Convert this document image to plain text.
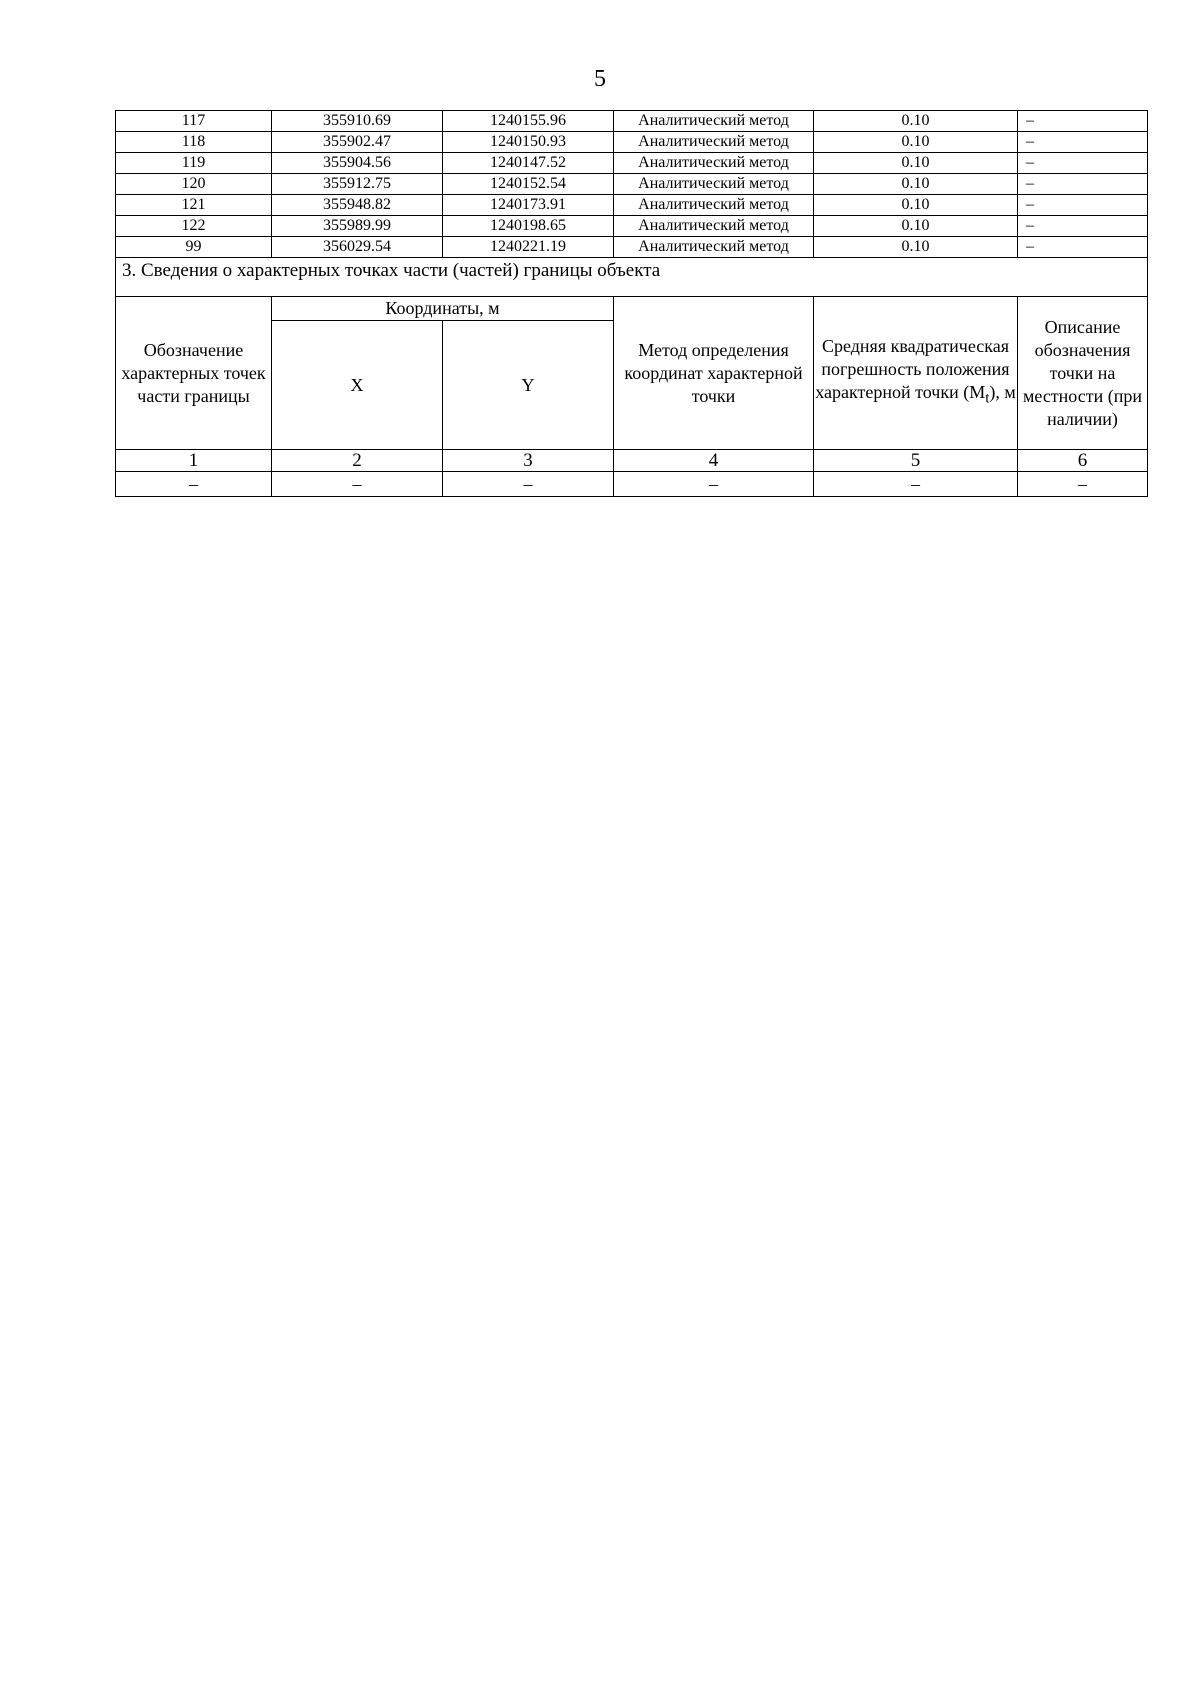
5
117	355910.69	1240155.96	Аналитический метод	0.10	–
118	355902.47	1240150.93	Аналитический метод	0.10	–
119	355904.56	1240147.52	Аналитический метод	0.10	–
120	355912.75	1240152.54	Аналитический метод	0.10	–
121	355948.82	1240173.91	Аналитический метод	0.10	–
122	355989.99	1240198.65	Аналитический метод	0.10	–
99	356029.54	1240221.19	Аналитический метод	0.10	–
3. Сведения о характерных точках части (частей) границы объекта					
Обозначение характерных точек части границы	Координаты, м		Метод определения координат характерной точки	Средняя квадратическая погрешность положения характерной точки $(M_t)$, м	Описание обозначения точки на местности (при наличии)
	X	Y			
1	2	3	4	5	6
–	–	–	–	–	–
